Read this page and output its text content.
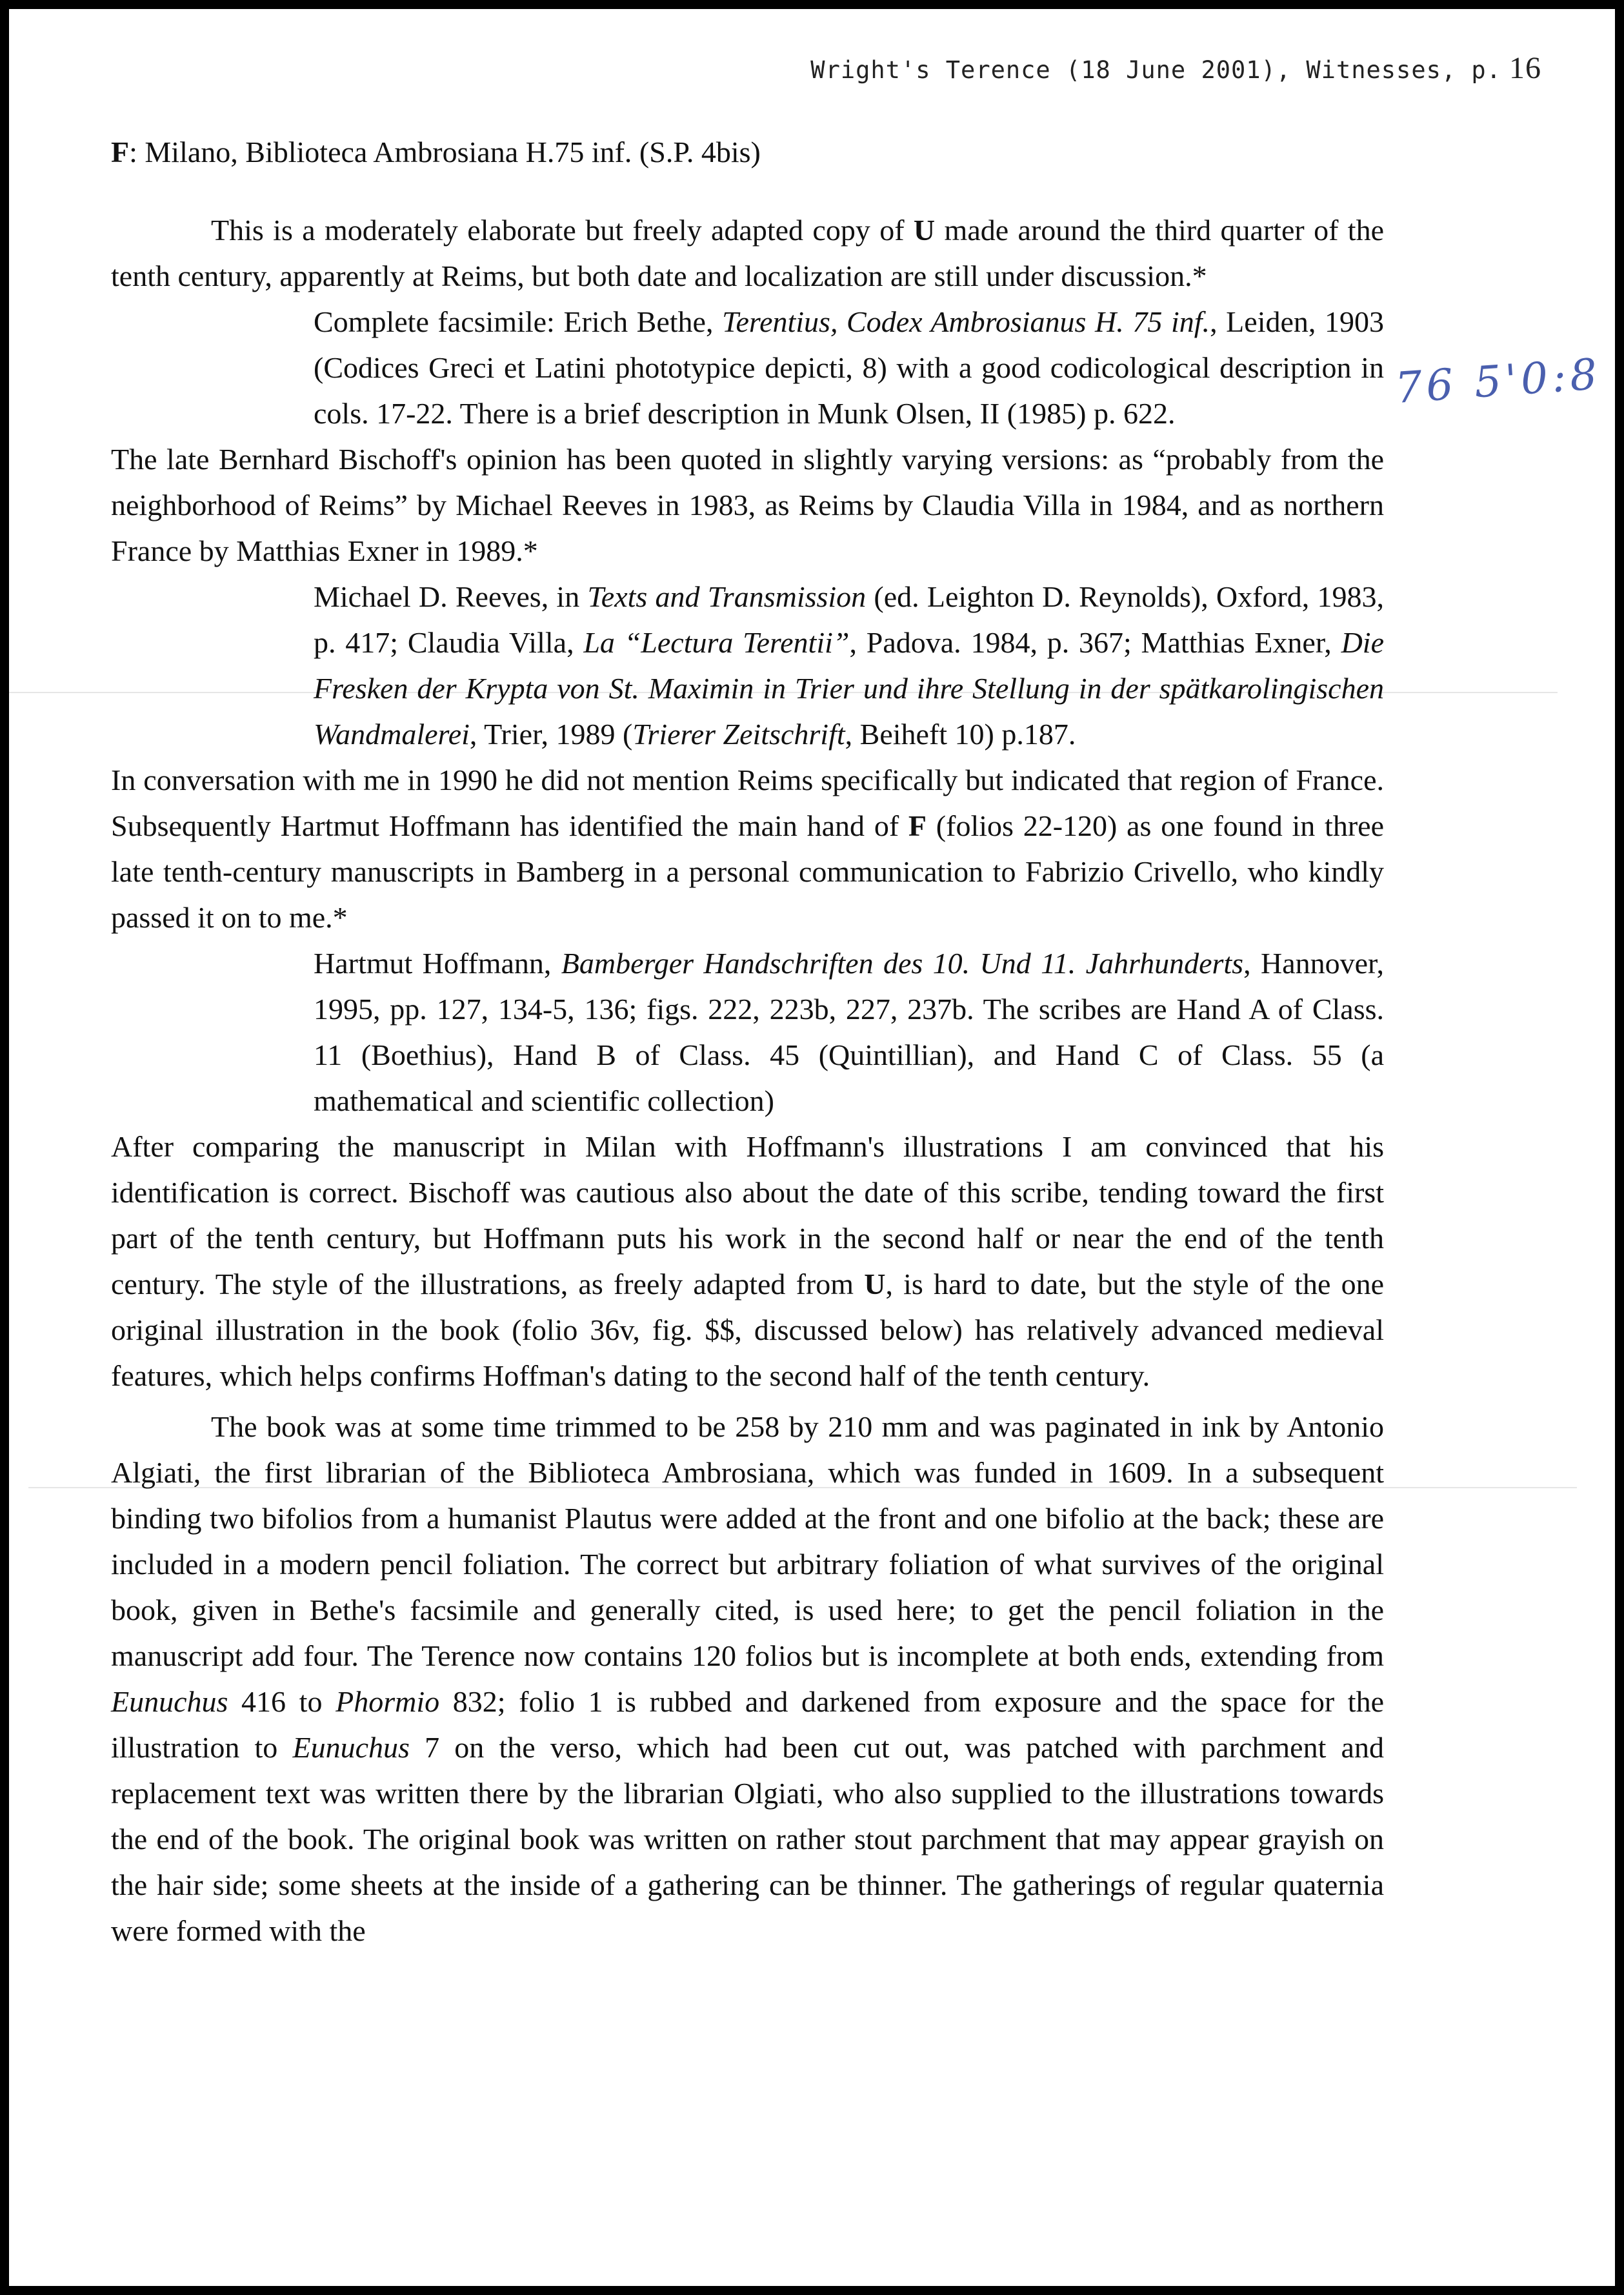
Wright's Terence (18 June 2001), Witnesses, p. 16
76 5'0:8

F: Milano, Biblioteca Ambrosiana H.75 inf. (S.P. 4bis)

This is a moderately elaborate but freely adapted copy of U made around the third quarter of the tenth century, apparently at Reims, but both date and localization are still under discussion.*

Complete facsimile: Erich Bethe, Terentius, Codex Ambrosianus H. 75 inf., Leiden, 1903 (Codices Greci et Latini phototypice depicti, 8) with a good codicological description in cols. 17-22. There is a brief description in Munk Olsen, II (1985) p. 622.

The late Bernhard Bischoff's opinion has been quoted in slightly varying versions: as “probably from the neighborhood of Reims” by Michael Reeves in 1983, as Reims by Claudia Villa in 1984, and as northern France by Matthias Exner in 1989.*

Michael D. Reeves, in Texts and Transmission (ed. Leighton D. Reynolds), Oxford, 1983, p. 417; Claudia Villa, La “Lectura Terentii”, Padova. 1984, p. 367; Matthias Exner, Die Fresken der Krypta von St. Maximin in Trier und ihre Stellung in der spätkarolingischen Wandmalerei, Trier, 1989 (Trierer Zeitschrift, Beiheft 10) p.187.

In conversation with me in 1990 he did not mention Reims specifically but indicated that region of France. Subsequently Hartmut Hoffmann has identified the main hand of F (folios 22-120) as one found in three late tenth-century manuscripts in Bamberg in a personal communication to Fabrizio Crivello, who kindly passed it on to me.*

Hartmut Hoffmann, Bamberger Handschriften des 10. Und 11. Jahrhunderts, Hannover, 1995, pp. 127, 134-5, 136; figs. 222, 223b, 227, 237b. The scribes are Hand A of Class. 11 (Boethius), Hand B of Class. 45 (Quintillian), and Hand C of Class. 55 (a mathematical and scientific collection)

After comparing the manuscript in Milan with Hoffmann's illustrations I am convinced that his identification is correct. Bischoff was cautious also about the date of this scribe, tending toward the first part of the tenth century, but Hoffmann puts his work in the second half or near the end of the tenth century. The style of the illustrations, as freely adapted from U, is hard to date, but the style of the one original illustration in the book (folio 36v, fig. $$, discussed below) has relatively advanced medieval features, which helps confirms Hoffman's dating to the second half of the tenth century.

The book was at some time trimmed to be 258 by 210 mm and was paginated in ink by Antonio Algiati, the first librarian of the Biblioteca Ambrosiana, which was funded in 1609. In a subsequent binding two bifolios from a humanist Plautus were added at the front and one bifolio at the back; these are included in a modern pencil foliation. The correct but arbitrary foliation of what survives of the original book, given in Bethe's facsimile and generally cited, is used here; to get the pencil foliation in the manuscript add four. The Terence now contains 120 folios but is incomplete at both ends, extending from Eunuchus 416 to Phormio 832; folio 1 is rubbed and darkened from exposure and the space for the illustration to Eunuchus 7 on the verso, which had been cut out, was patched with parchment and replacement text was written there by the librarian Olgiati, who also supplied to the illustrations towards the end of the book. The original book was written on rather stout parchment that may appear grayish on the hair side; some sheets at the inside of a gathering can be thinner. The gatherings of regular quaternia were formed with the
